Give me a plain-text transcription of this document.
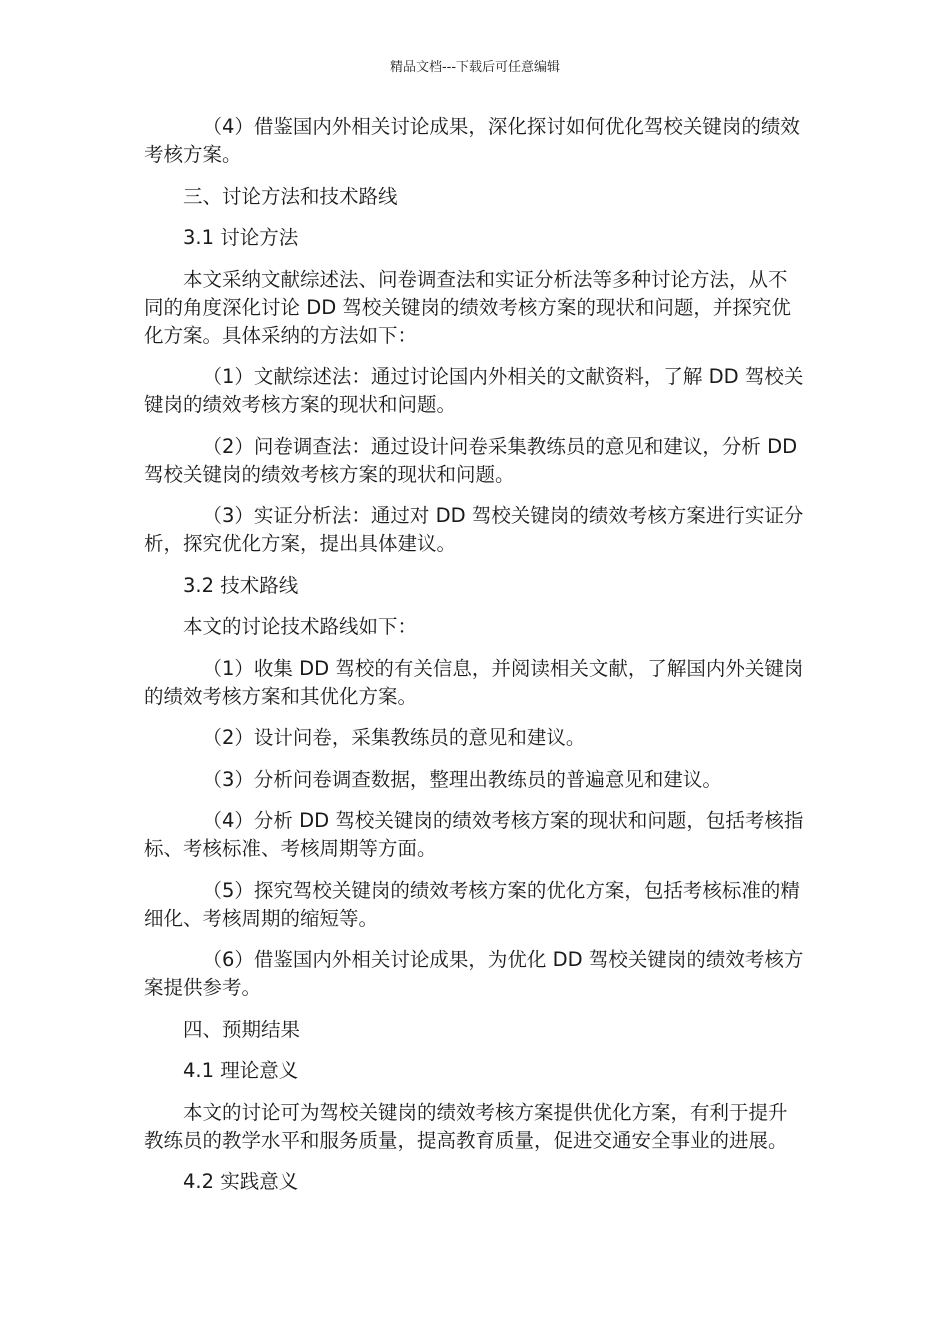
精品文档---下载后可任意编辑

（4）借鉴国内外相关讨论成果，深化探讨如何优化驾校关键岗的绩效考核方案。

三、讨论方法和技术路线

3.1 讨论方法

本文采纳文献综述法、问卷调查法和实证分析法等多种讨论方法，从不同的角度深化讨论 DD 驾校关键岗的绩效考核方案的现状和问题，并探究优化方案。具体采纳的方法如下：

（1）文献综述法：通过讨论国内外相关的文献资料，了解 DD 驾校关键岗的绩效考核方案的现状和问题。

（2）问卷调查法：通过设计问卷采集教练员的意见和建议，分析 DD 驾校关键岗的绩效考核方案的现状和问题。

（3）实证分析法：通过对 DD 驾校关键岗的绩效考核方案进行实证分析，探究优化方案，提出具体建议。

3.2 技术路线

本文的讨论技术路线如下：

（1）收集 DD 驾校的有关信息，并阅读相关文献，了解国内外关键岗的绩效考核方案和其优化方案。

（2）设计问卷，采集教练员的意见和建议。

（3）分析问卷调查数据，整理出教练员的普遍意见和建议。

（4）分析 DD 驾校关键岗的绩效考核方案的现状和问题，包括考核指标、考核标准、考核周期等方面。

（5）探究驾校关键岗的绩效考核方案的优化方案，包括考核标准的精细化、考核周期的缩短等。

（6）借鉴国内外相关讨论成果，为优化 DD 驾校关键岗的绩效考核方案提供参考。

四、预期结果

4.1 理论意义

本文的讨论可为驾校关键岗的绩效考核方案提供优化方案，有利于提升教练员的教学水平和服务质量，提高教育质量，促进交通安全事业的进展。

4.2 实践意义
